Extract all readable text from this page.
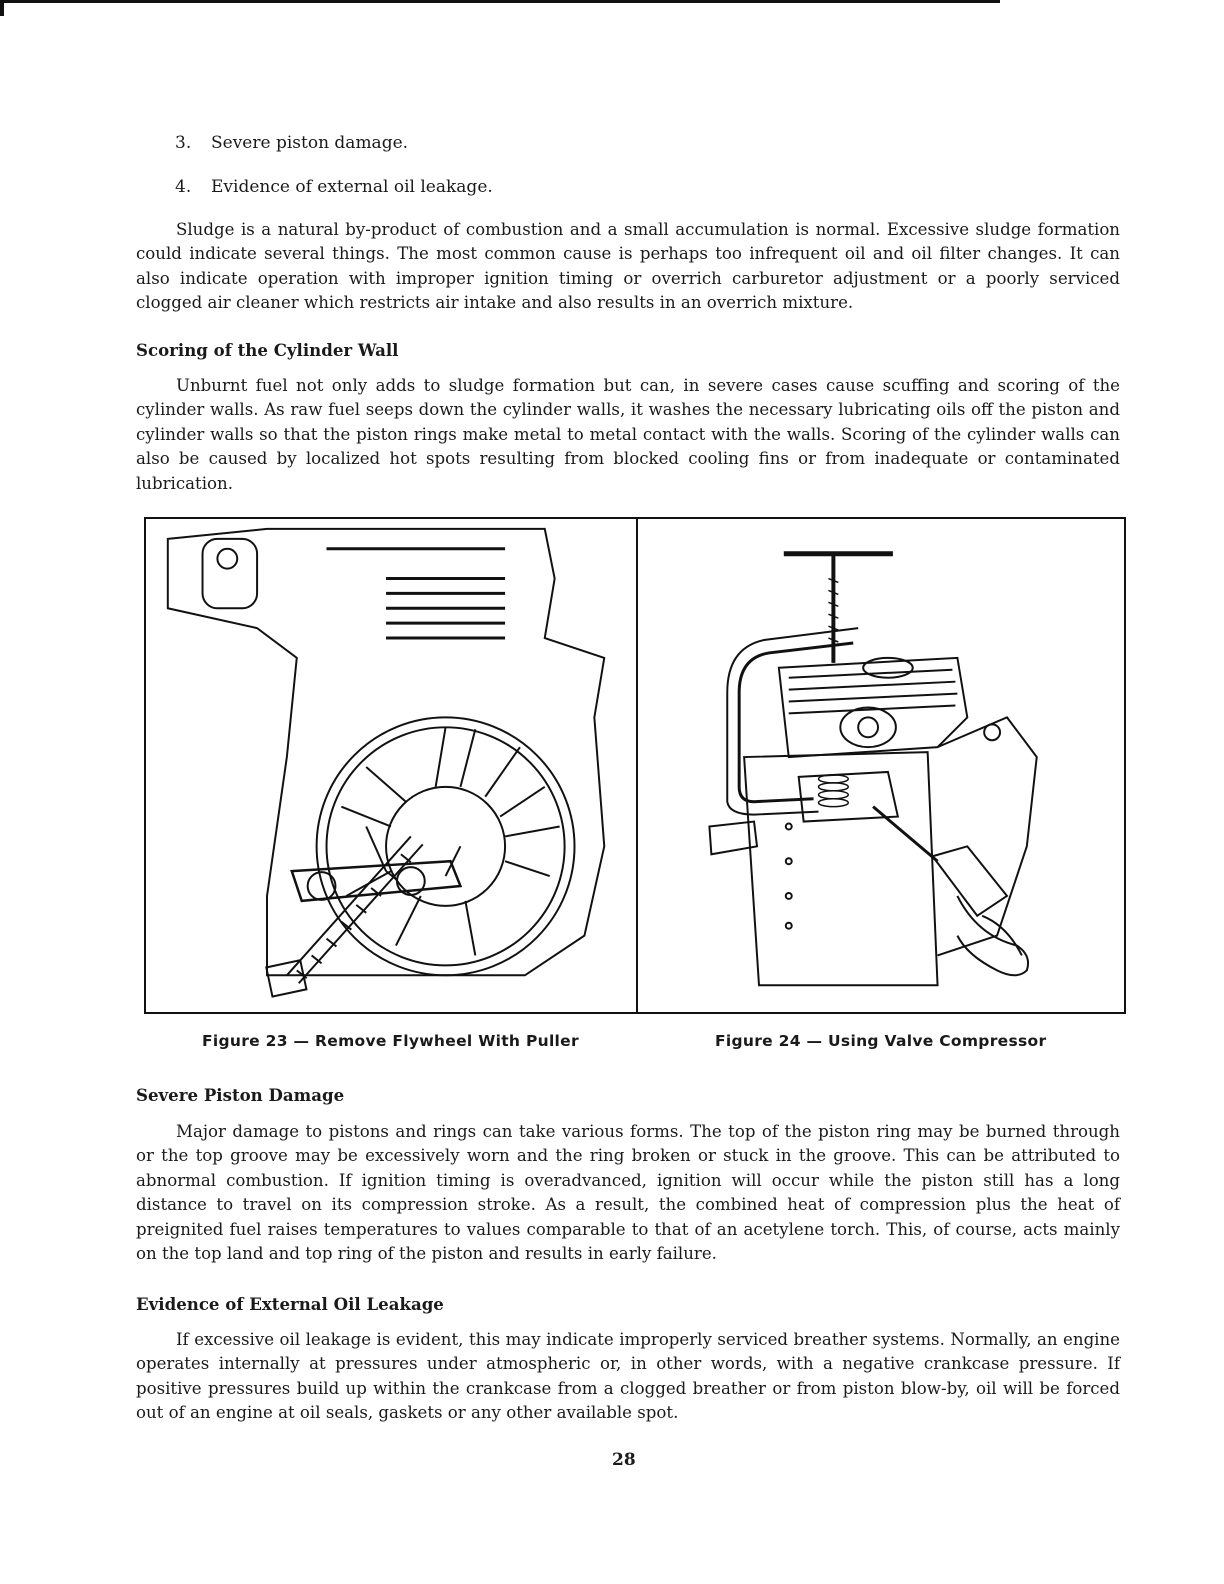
3. Severe piston damage.
4. Evidence of external oil leakage.

Sludge is a natural by-product of combustion and a small accumulation is normal. Excessive sludge formation could indicate several things. The most common cause is perhaps too infrequent oil and oil filter changes. It can also indicate operation with improper ignition timing or overrich carburetor adjustment or a poorly serviced clogged air cleaner which restricts air intake and also results in an overrich mixture.

Scoring of the Cylinder Wall

Unburnt fuel not only adds to sludge formation but can, in severe cases cause scuffing and scoring of the cylinder walls. As raw fuel seeps down the cylinder walls, it washes the necessary lubricating oils off the piston and cylinder walls so that the piston rings make metal to metal contact with the walls. Scoring of the cylinder walls can also be caused by localized hot spots resulting from blocked cooling fins or from inadequate or contaminated lubrication.

Figure 23 — Remove Flywheel With Puller	Figure 24 — Using Valve Compressor
Severe Piston Damage

Major damage to pistons and rings can take various forms. The top of the piston ring may be burned through or the top groove may be excessively worn and the ring broken or stuck in the groove. This can be attributed to abnormal combustion. If ignition timing is overadvanced, ignition will occur while the piston still has a long distance to travel on its compression stroke. As a result, the combined heat of compression plus the heat of preignited fuel raises temperatures to values comparable to that of an acetylene torch. This, of course, acts mainly on the top land and top ring of the piston and results in early failure.

Evidence of External Oil Leakage

If excessive oil leakage is evident, this may indicate improperly serviced breather systems. Normally, an engine operates internally at pressures under atmospheric or, in other words, with a negative crankcase pressure. If positive pressures build up within the crankcase from a clogged breather or from piston blow-by, oil will be forced out of an engine at oil seals, gaskets or any other available spot.

28
